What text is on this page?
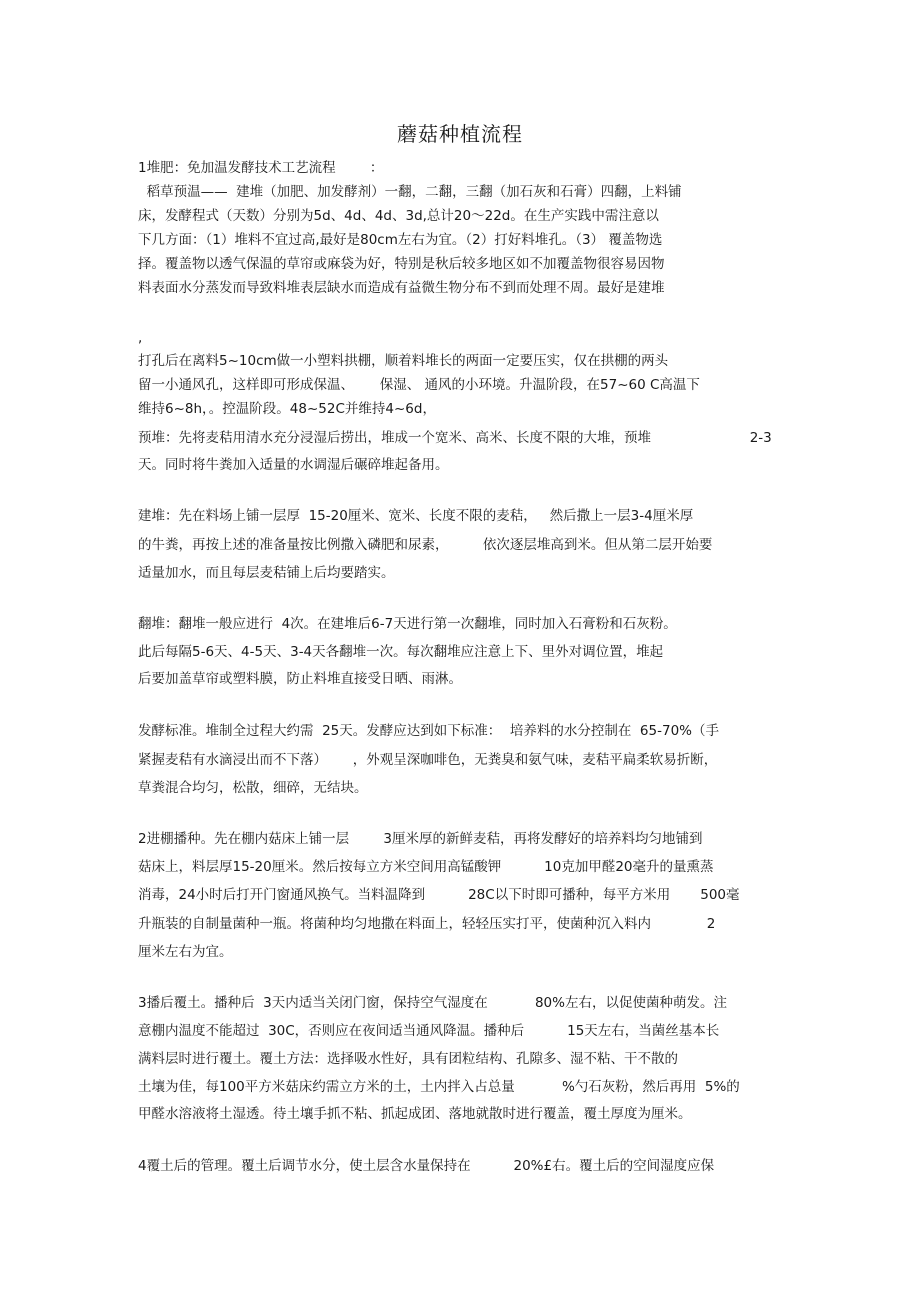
蘑菇种植流程
1堆肥：免加温发酵技术工艺流程        ：
稻草预温——  建堆（加肥、加发酵剂）一翻，二翻，三翻（加石灰和石膏）四翻，上料铺
床，发酵程式（天数）分别为5d、4d、4d、3d,总计20〜22d。在生产实践中需注意以
下几方面：（1）堆料不宜过高,最好是80cm左右为宜。（2）打好料堆孔。（3） 覆盖物选
择。覆盖物以透气保温的草帘或麻袋为好，特别是秋后较多地区如不加覆盖物很容易因物
料表面水分蒸发而导致料堆表层缺水而造成有益微生物分布不到而处理不周。最好是建堆
,
打孔后在离料5~10cm做一小塑料拱棚，顺着料堆长的两面一定要压实，仅在拱棚的两头
留一小通风孔，这样即可形成保温、      保湿、 通风的小环境。升温阶段，在57~60 C高温下
维持6~8h，。控温阶段。48~52C并维持4~6d，
预堆：先将麦秸用清水充分浸湿后捞出，堆成一个宽米、高米、长度不限的大堆，预堆                       2-3
天。同时将牛粪加入适量的水调湿后碾碎堆起备用。
建堆：先在料场上铺一层厚  15-20厘米、宽米、长度不限的麦秸，   然后撒上一层3-4厘米厚
的牛粪，再按上述的准备量按比例撒入磷肥和尿素，        依次逐层堆高到米。但从第二层开始要
适量加水，而且每层麦秸铺上后均要踏实。
翻堆：翻堆一般应进行  4次。在建堆后6-7天进行第一次翻堆，同时加入石膏粉和石灰粉。
此后每隔5-6天、4-5天、3-4天各翻堆一次。每次翻堆应注意上下、里外对调位置，堆起
后要加盖草帘或塑料膜，防止料堆直接受日晒、雨淋。
发酵标准。堆制全过程大约需  25天。发酵应达到如下标准：  培养料的水分控制在  65-70%（手
紧握麦秸有水滴浸出而不下落）      ，外观呈深咖啡色，无粪臭和氨气味，麦秸平扁柔软易折断，
草粪混合均匀，松散，细碎，无结块。
2进棚播种。先在棚内菇床上铺一层        3厘米厚的新鲜麦秸，再将发酵好的培养料均匀地铺到
菇床上，料层厚15-20厘米。然后按每立方米空间用高锰酸钾          10克加甲醛20毫升的量熏蒸
消毒，24小时后打开门窗通风换气。当料温降到          28C以下时即可播种，每平方米用       500毫
升瓶装的自制量菌种一瓶。将菌种均匀地撒在料面上，轻轻压实打平，使菌种沉入料内             2
厘米左右为宜。
3播后覆土。播种后  3天内适当关闭门窗，保持空气湿度在           80%左右，以促使菌种萌发。注
意棚内温度不能超过  30C，否则应在夜间适当通风降温。播种后          15天左右，当菌丝基本长
满料层时进行覆土。覆土方法：选择吸水性好，具有团粒结构、孔隙多、湿不粘、干不散的
土壤为佳，每100平方米菇床约需立方米的土，土内拌入占总量           %勺石灰粉，然后再用  5%的
甲醛水溶液将土湿透。待土壤手抓不粘、抓起成团、落地就散时进行覆盖，覆土厚度为厘米。
4覆土后的管理。覆土后调节水分，使土层含水量保持在          20%£右。覆土后的空间湿度应保
